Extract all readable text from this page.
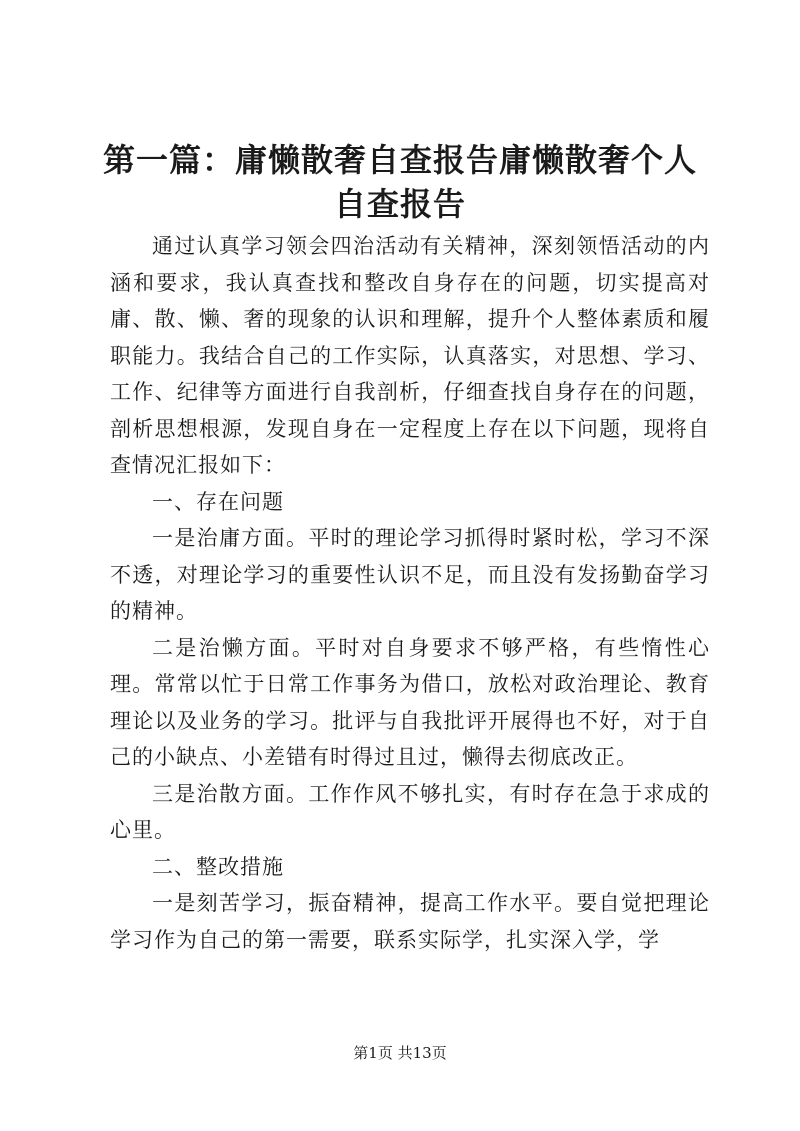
第一篇：庸懒散奢自查报告庸懒散奢个人自查报告

通过认真学习领会四治活动有关精神，深刻领悟活动的内涵和要求，我认真查找和整改自身存在的问题，切实提高对庸、散、懒、奢的现象的认识和理解，提升个人整体素质和履职能力。我结合自己的工作实际，认真落实，对思想、学习、工作、纪律等方面进行自我剖析，仔细查找自身存在的问题，剖析思想根源，发现自身在一定程度上存在以下问题，现将自查情况汇报如下：

一、存在问题

一是治庸方面。平时的理论学习抓得时紧时松，学习不深不透，对理论学习的重要性认识不足，而且没有发扬勤奋学习的精神。

二是治懒方面。平时对自身要求不够严格，有些惰性心理。常常以忙于日常工作事务为借口，放松对政治理论、教育理论以及业务的学习。批评与自我批评开展得也不好，对于自己的小缺点、小差错有时得过且过，懒得去彻底改正。

三是治散方面。工作作风不够扎实，有时存在急于求成的心里。

二、整改措施

一是刻苦学习，振奋精神，提高工作水平。要自觉把理论学习作为自己的第一需要，联系实际学，扎实深入学，学

第1页 共13页
